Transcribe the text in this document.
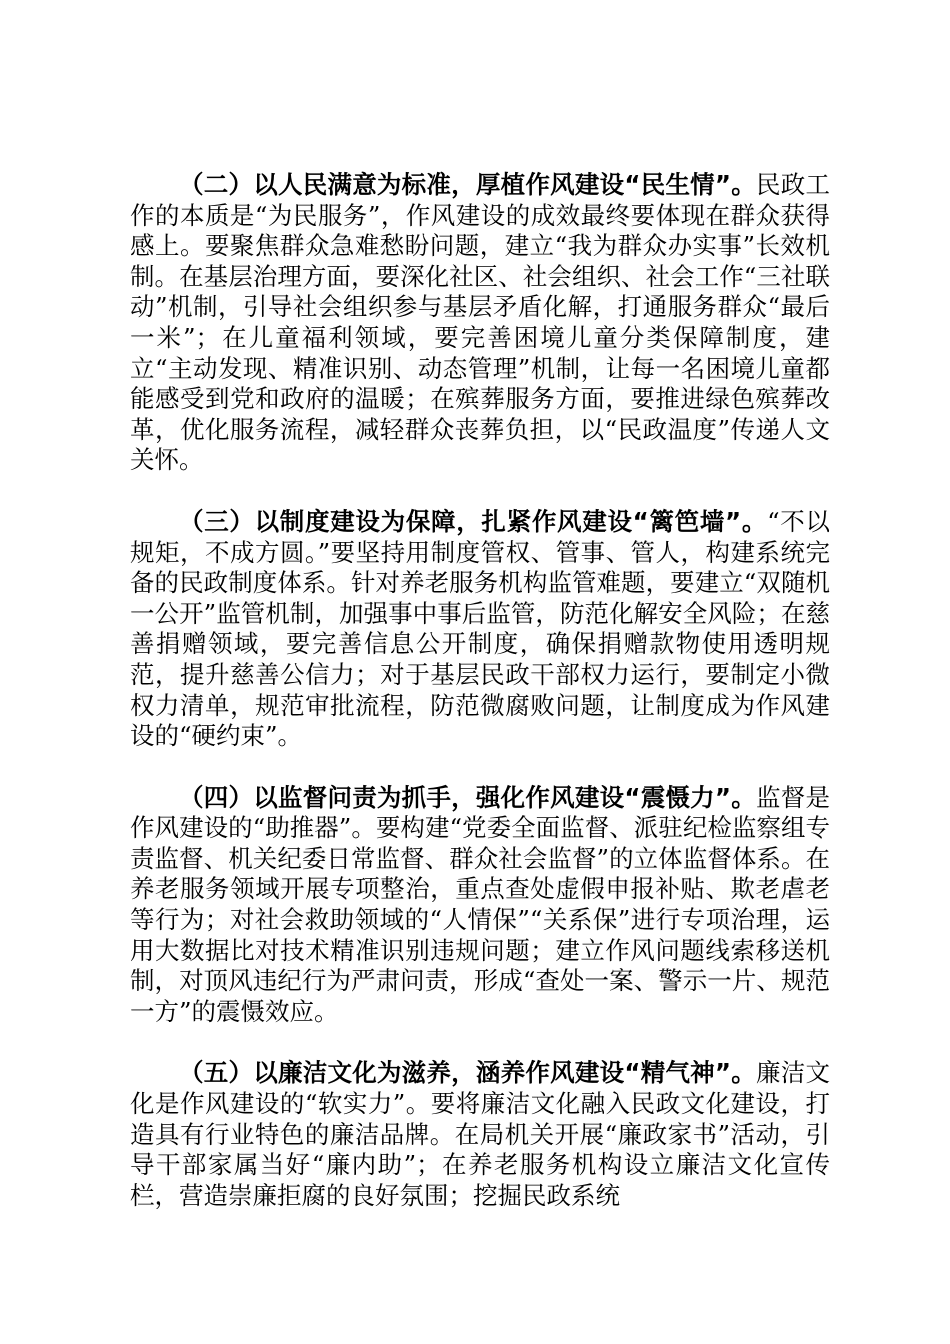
（二）以人民满意为标准，厚植作风建设“民生情”。民政工作的本质是“为民服务”，作风建设的成效最终要体现在群众获得感上。要聚焦群众急难愁盼问题，建立“我为群众办实事”长效机制。在基层治理方面，要深化社区、社会组织、社会工作“三社联动”机制，引导社会组织参与基层矛盾化解，打通服务群众“最后一米”；在儿童福利领域，要完善困境儿童分类保障制度，建立“主动发现、精准识别、动态管理”机制，让每一名困境儿童都能感受到党和政府的温暖；在殡葬服务方面，要推进绿色殡葬改革，优化服务流程，减轻群众丧葬负担，以“民政温度”传递人文关怀。

（三）以制度建设为保障，扎紧作风建设“篱笆墙”。“不以规矩，不成方圆。”要坚持用制度管权、管事、管人，构建系统完备的民政制度体系。针对养老服务机构监管难题，要建立“双随机一公开”监管机制，加强事中事后监管，防范化解安全风险；在慈善捐赠领域，要完善信息公开制度，确保捐赠款物使用透明规范，提升慈善公信力；对于基层民政干部权力运行，要制定小微权力清单，规范审批流程，防范微腐败问题，让制度成为作风建设的“硬约束”。

（四）以监督问责为抓手，强化作风建设“震慑力”。监督是作风建设的“助推器”。要构建“党委全面监督、派驻纪检监察组专责监督、机关纪委日常监督、群众社会监督”的立体监督体系。在养老服务领域开展专项整治，重点查处虚假申报补贴、欺老虐老等行为；对社会救助领域的“人情保”“关系保”进行专项治理，运用大数据比对技术精准识别违规问题；建立作风问题线索移送机制，对顶风违纪行为严肃问责，形成“查处一案、警示一片、规范一方”的震慑效应。

（五）以廉洁文化为滋养，涵养作风建设“精气神”。廉洁文化是作风建设的“软实力”。要将廉洁文化融入民政文化建设，打造具有行业特色的廉洁品牌。在局机关开展“廉政家书”活动，引导干部家属当好“廉内助”；在养老服务机构设立廉洁文化宣传栏，营造崇廉拒腐的良好氛围；挖掘民政系统
